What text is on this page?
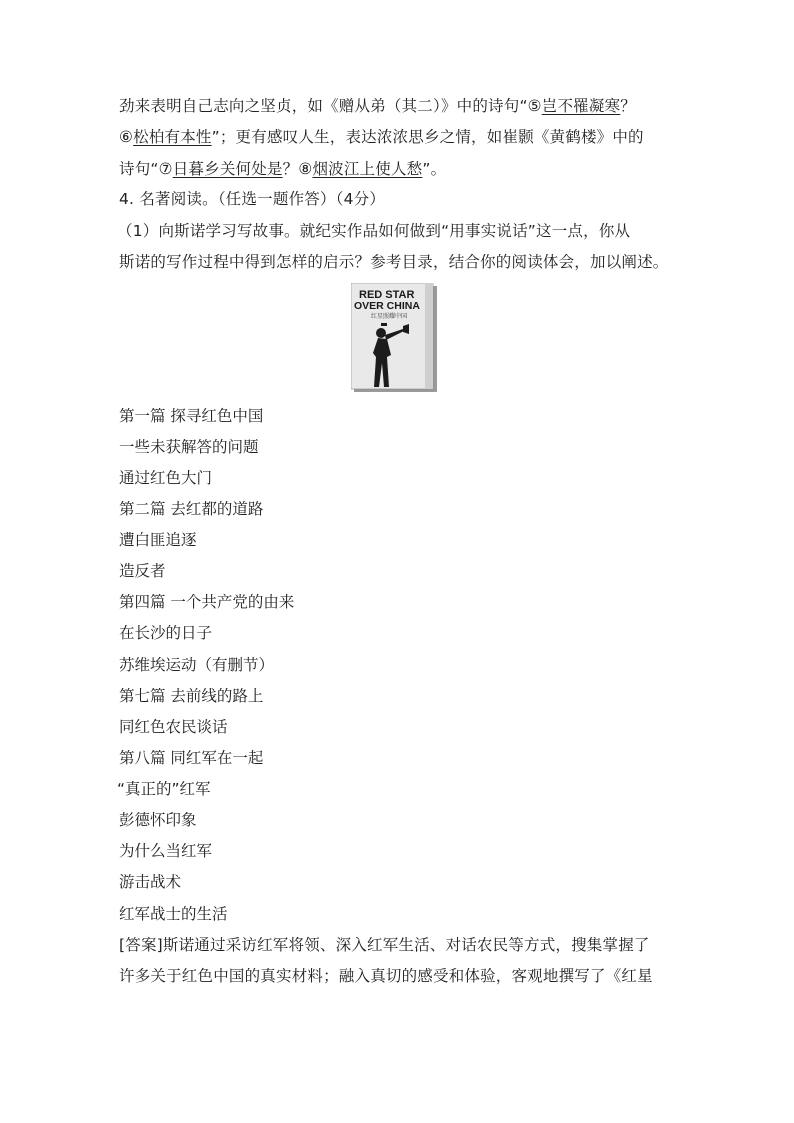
劲来表明自己志向之坚贞，如《赠从弟（其二）》中的诗句“⑤岂不罹凝寒？
⑥松柏有本性”；更有感叹人生，表达浓浓思乡之情，如崔颢《黄鹤楼》中的
诗句“⑦日暮乡关何处是？⑧烟波江上使人愁”。
4. 名著阅读。（任选一题作答）（4分）
（1）向斯诺学习写故事。就纪实作品如何做到“用事实说话”这一点，你从
斯诺的写作过程中得到怎样的启示？参考目录，结合你的阅读体会，加以阐述。
RED STAR
OVER CHINA
红星照耀中国
第一篇 探寻红色中国
一些未获解答的问题
通过红色大门
第二篇 去红都的道路
遭白匪追逐
造反者
第四篇 一个共产党的由来
在长沙的日子
苏维埃运动（有删节）
第七篇 去前线的路上
同红色农民谈话
第八篇 同红军在一起
“真正的”红军
彭德怀印象
为什么当红军
游击战术
红军战士的生活
[答案]斯诺通过采访红军将领、深入红军生活、对话农民等方式，搜集掌握了
许多关于红色中国的真实材料；融入真切的感受和体验，客观地撰写了《红星
